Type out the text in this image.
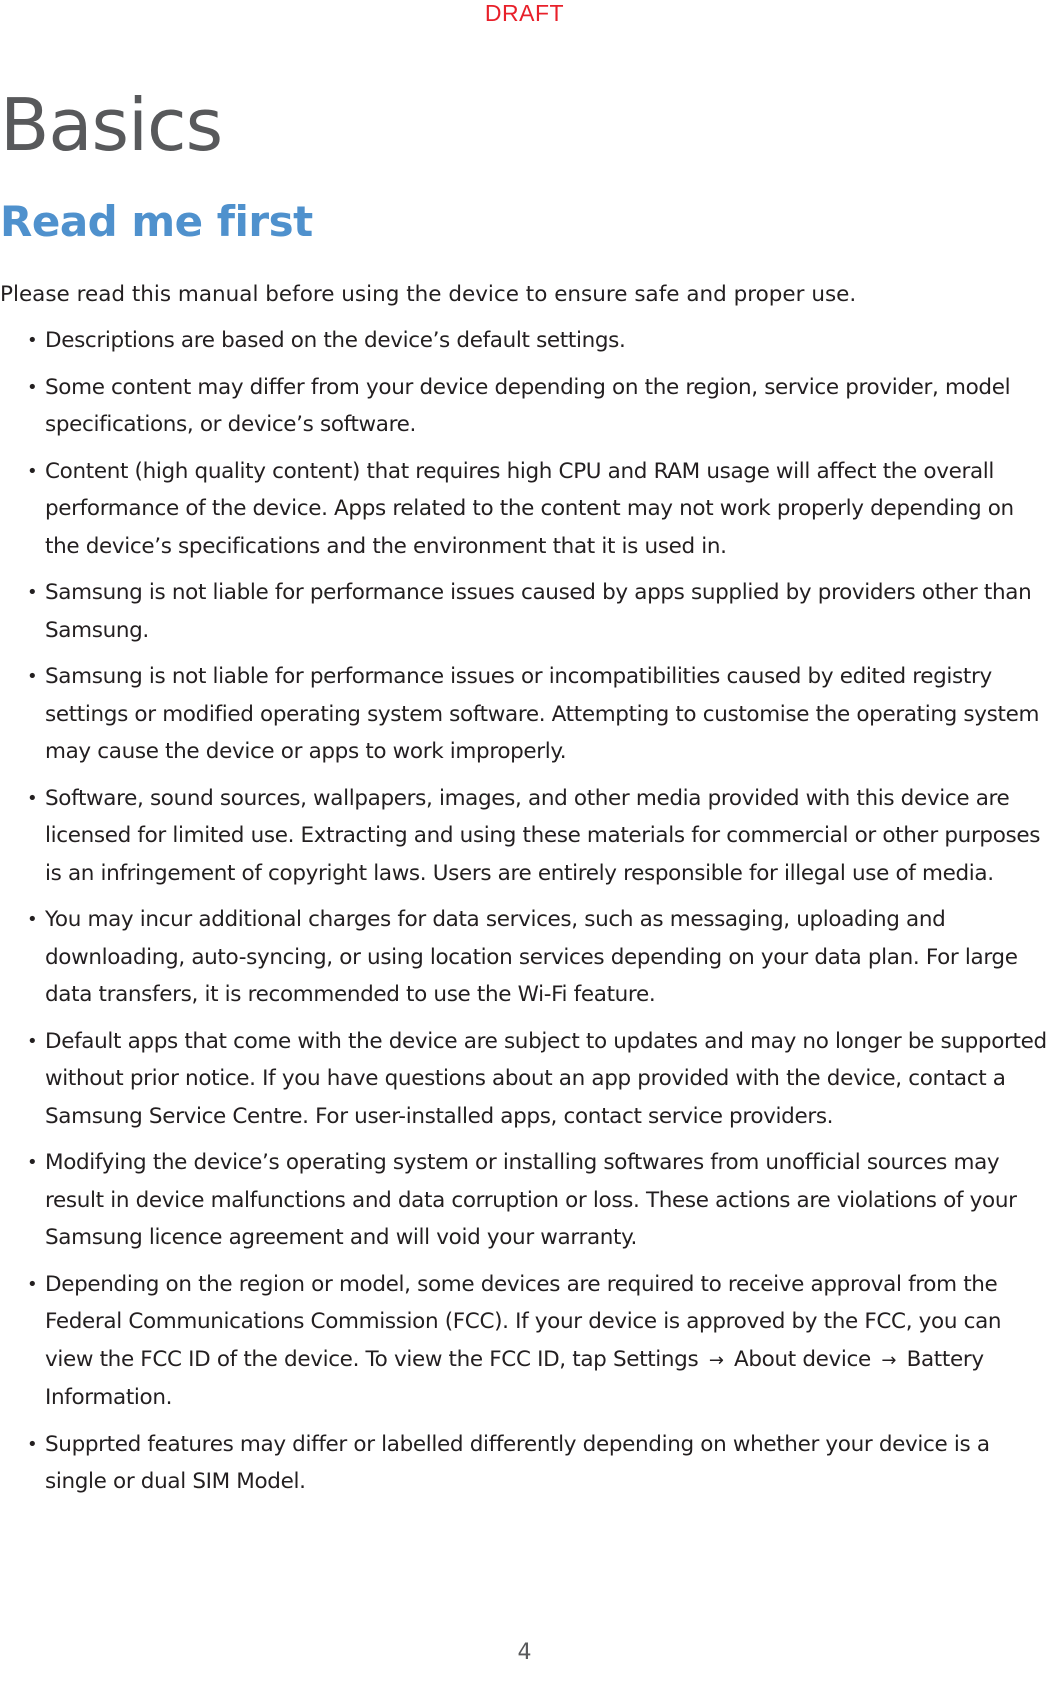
DRAFT
Basics
Read me first

Please read this manual before using the device to ensure safe and proper use.

• Descriptions are based on the device’s default settings.
• Some content may differ from your device depending on the region, service provider, model specifications, or device’s software.
• Content (high quality content) that requires high CPU and RAM usage will affect the overall performance of the device. Apps related to the content may not work properly depending on the device’s specifications and the environment that it is used in.
• Samsung is not liable for performance issues caused by apps supplied by providers other than Samsung.
• Samsung is not liable for performance issues or incompatibilities caused by edited registry settings or modified operating system software. Attempting to customise the operating system may cause the device or apps to work improperly.
• Software, sound sources, wallpapers, images, and other media provided with this device are licensed for limited use. Extracting and using these materials for commercial or other purposes is an infringement of copyright laws. Users are entirely responsible for illegal use of media.
• You may incur additional charges for data services, such as messaging, uploading and downloading, auto-syncing, or using location services depending on your data plan. For large data transfers, it is recommended to use the Wi-Fi feature.
• Default apps that come with the device are subject to updates and may no longer be supported without prior notice. If you have questions about an app provided with the device, contact a Samsung Service Centre. For user-installed apps, contact service providers.
• Modifying the device’s operating system or installing softwares from unofficial sources may result in device malfunctions and data corruption or loss. These actions are violations of your Samsung licence agreement and will void your warranty.
• Depending on the region or model, some devices are required to receive approval from the Federal Communications Commission (FCC). If your device is approved by the FCC, you can view the FCC ID of the device. To view the FCC ID, tap Settings → About device → Battery Information.
• Supprted features may differ or labelled differently depending on whether your device is a single or dual SIM Model.
4
